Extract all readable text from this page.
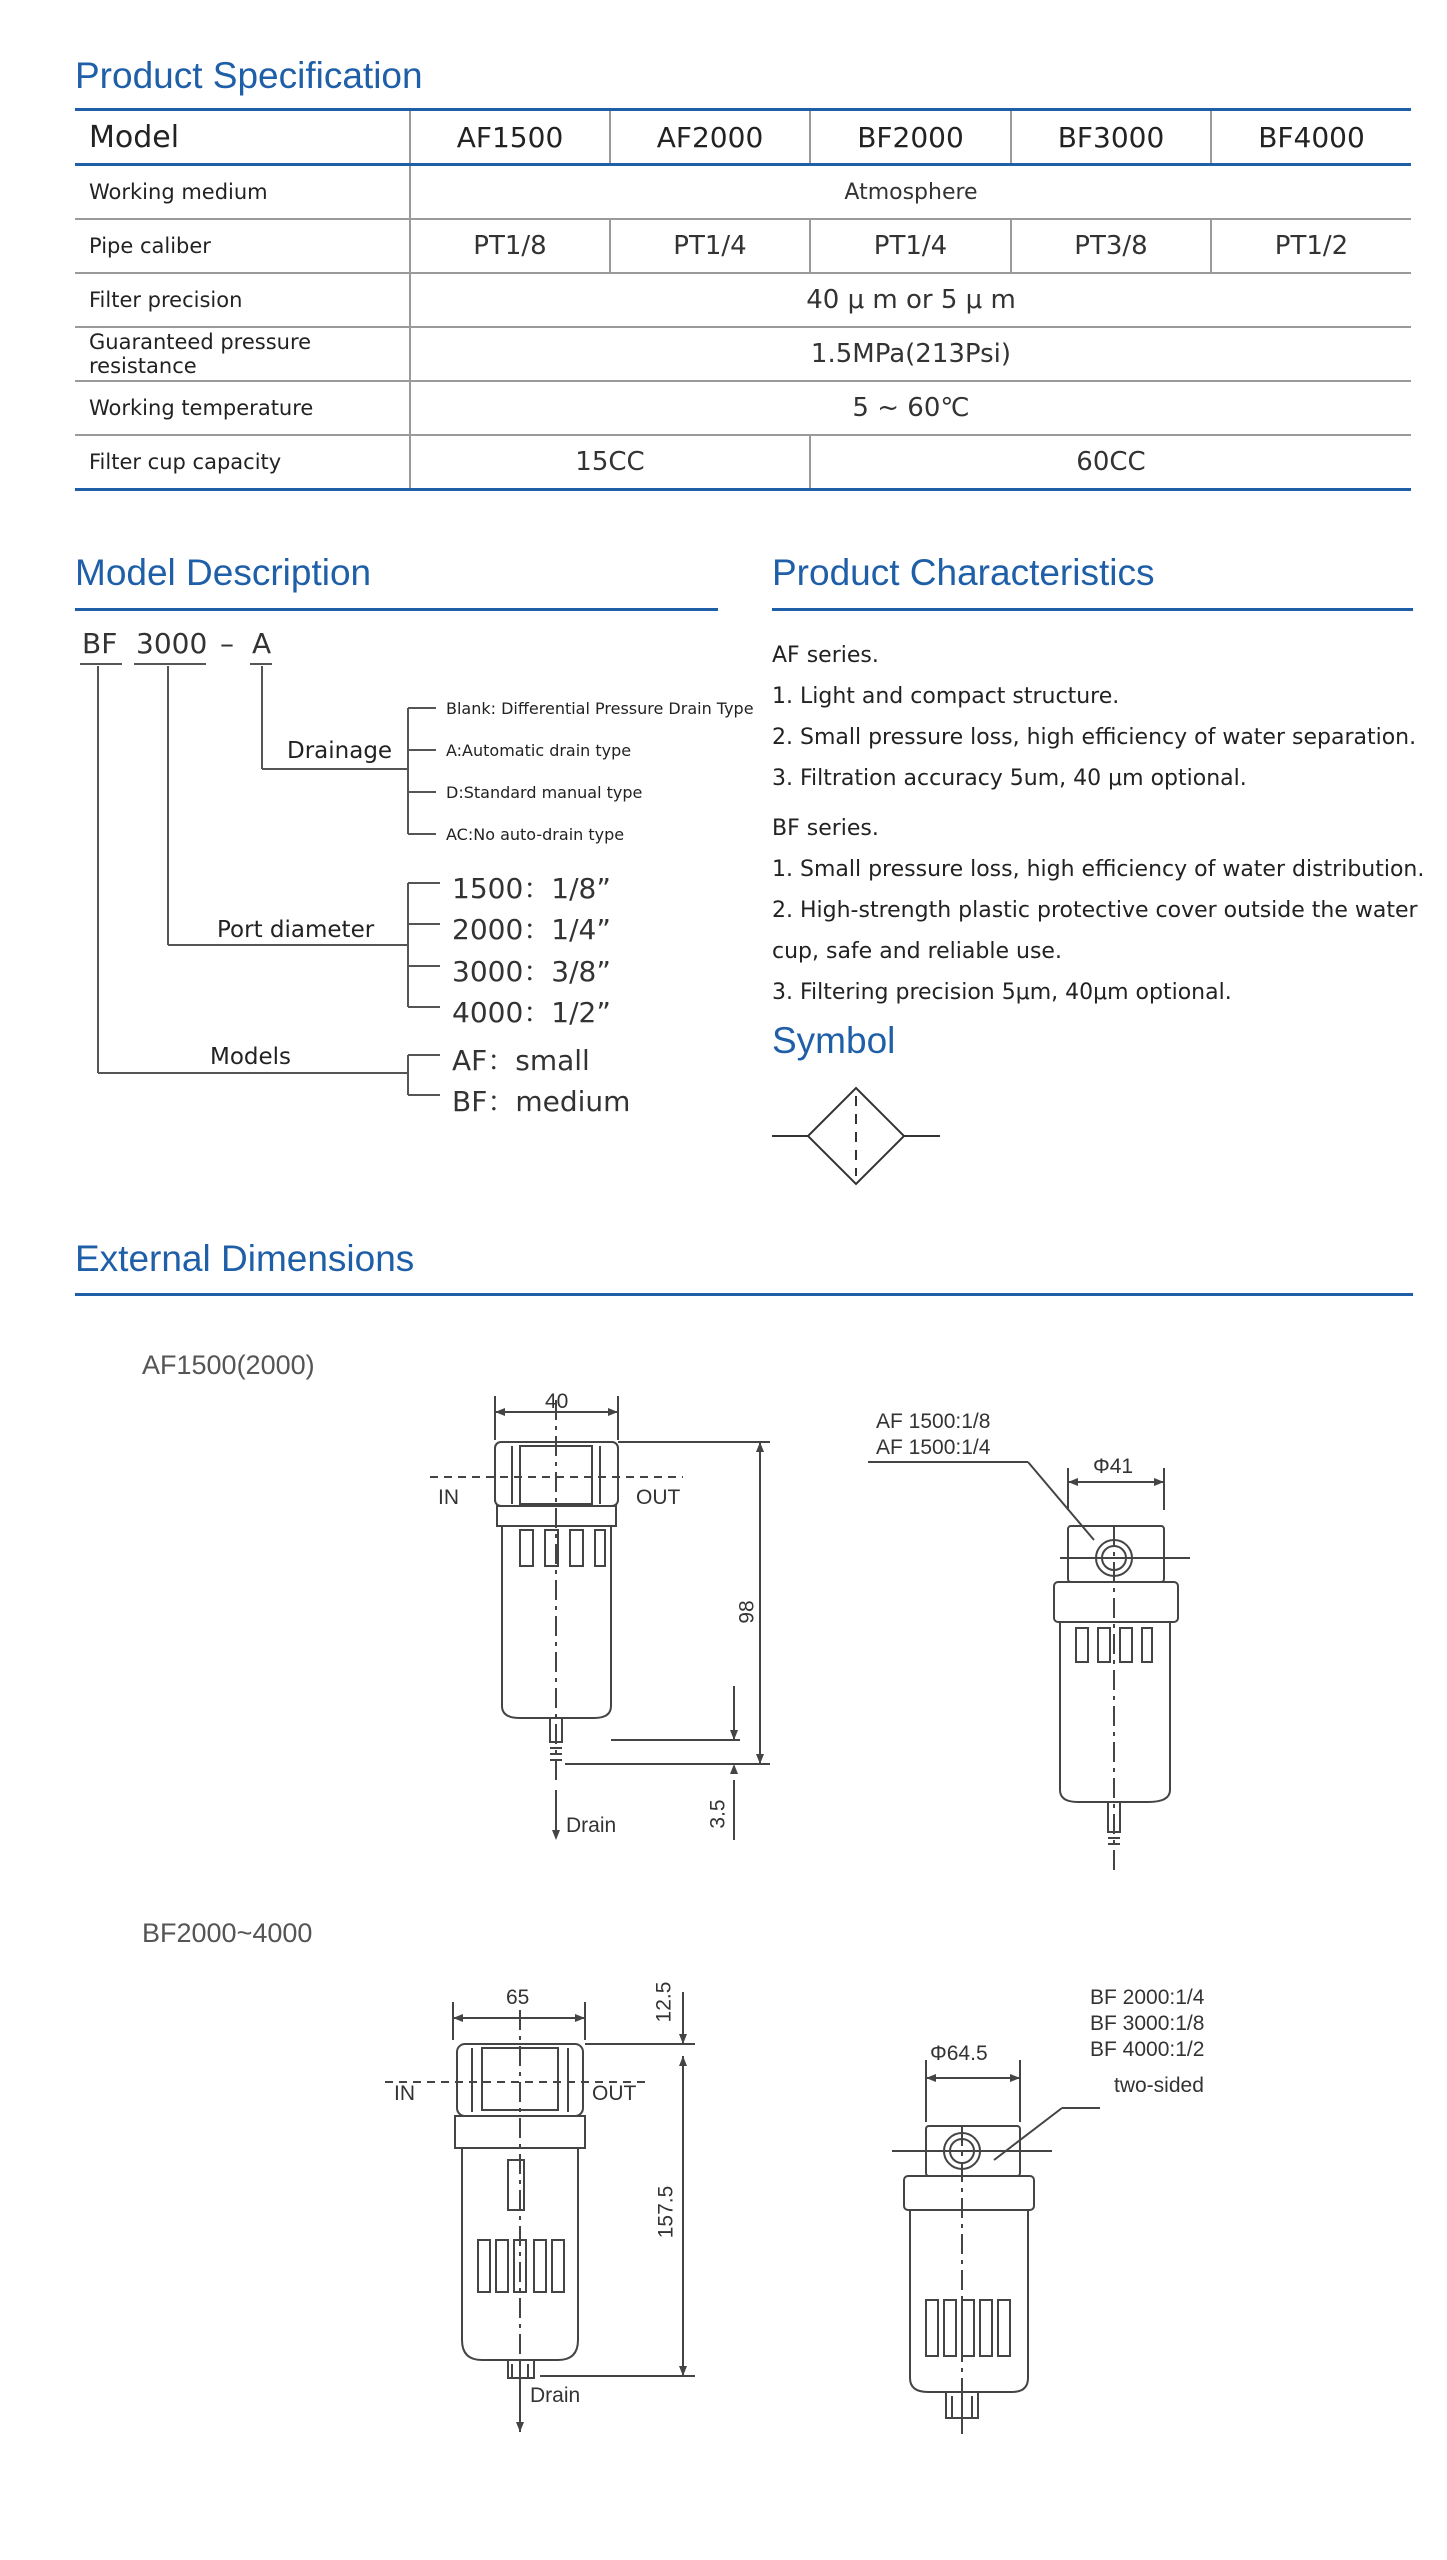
Product Specification
Model	AF1500	AF2000	BF2000	BF3000	BF4000
Working medium	Atmosphere				
Pipe caliber	PT1/8	PT1/4	PT1/4	PT3/8	PT1/2
Filter precision	40 μ m or 5 μ m				
Guaranteed pressure resistance	1.5MPa(213Psi)				
Working temperature	5 ~ 60℃				
Filter cup capacity	15CC		60CC		
Model Description
BF 3000 – A
Drainage
Blank: Differential Pressure Drain Type
A:Automatic drain type
D:Standard manual type
AC:No auto-drain type
Port diameter
1500：1/8”
2000：1/4”
3000：3/8”
4000：1/2”
Models	AF：small
BF：medium
Product Characteristics
AF series.
1. Light and compact structure.
2. Small pressure loss, high efficiency of water separation.
3. Filtration accuracy 5um, 40 μm optional.
BF series.
1. Small pressure loss, high efficiency of water distribution.
2. High-strength plastic protective cover outside the water
cup, safe and reliable use.
3. Filtering precision 5μm, 40μm optional.
Symbol
External Dimensions
AF1500(2000)
BF2000~4000
40
IN	OUT
98
3.5
Drain
AF 1500:1/8
AF 1500:1/4
Φ41
65	12.5
IN	OUT
157.5
Drain
BF 2000:1/4
BF 3000:1/8
BF 4000:1/2
two-sided
Φ64.5
